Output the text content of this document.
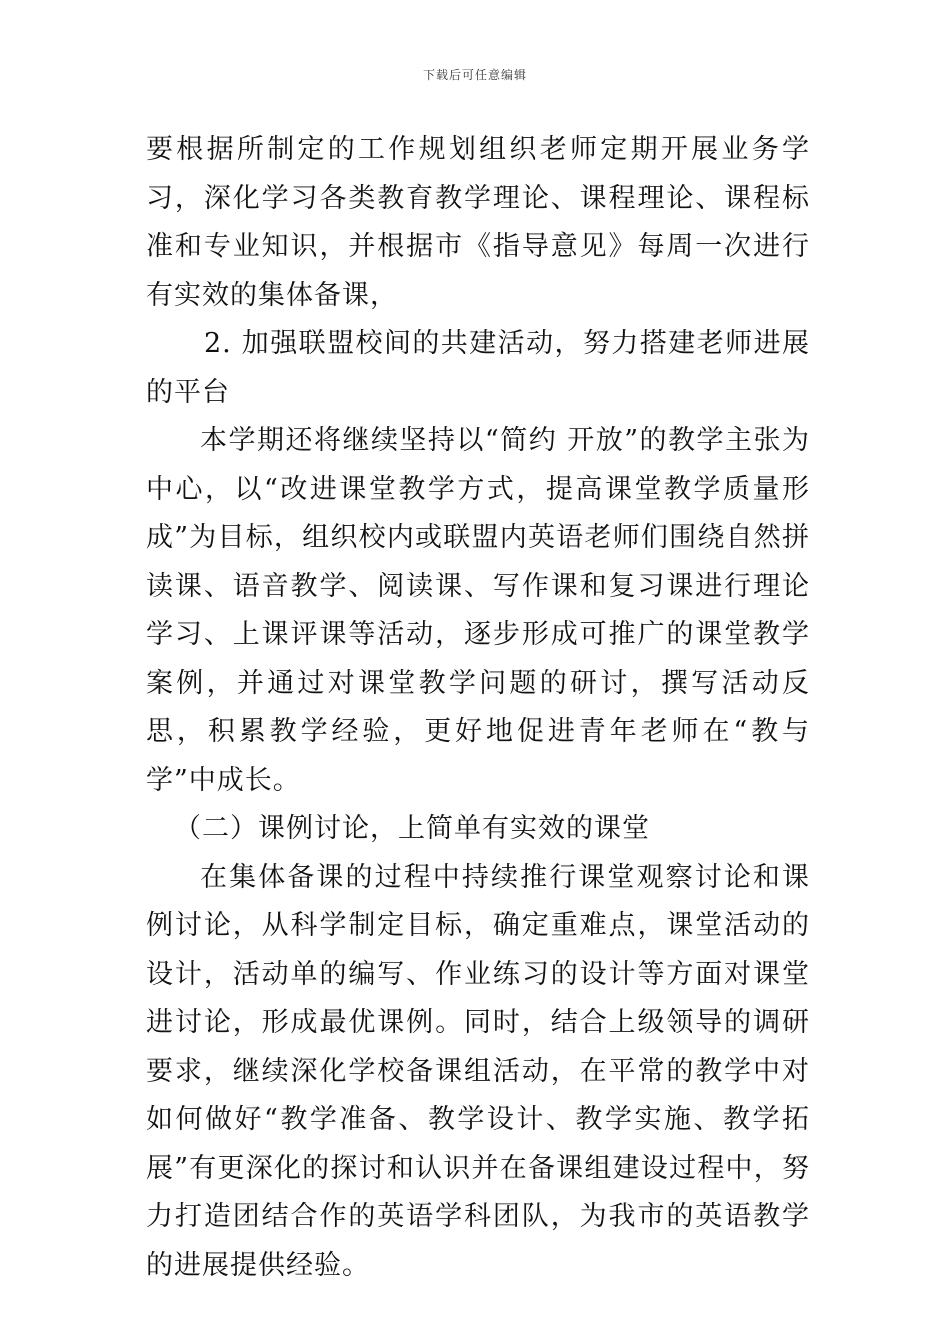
下载后可任意编辑

要根据所制定的工作规划组织老师定期开展业务学习，深化学习各类教育教学理论、课程理论、课程标准和专业知识，并根据市《指导意见》每周一次进行有实效的集体备课，

2. 加强联盟校间的共建活动，努力搭建老师进展的平台

本学期还将继续坚持以“简约 开放”的教学主张为中心，以“改进课堂教学方式，提高课堂教学质量形成”为目标，组织校内或联盟内英语老师们围绕自然拼读课、语音教学、阅读课、写作课和复习课进行理论学习、上课评课等活动，逐步形成可推广的课堂教学案例，并通过对课堂教学问题的研讨，撰写活动反思，积累教学经验，更好地促进青年老师在“教与学”中成长。

（二）课例讨论，上简单有实效的课堂

在集体备课的过程中持续推行课堂观察讨论和课例讨论，从科学制定目标，确定重难点，课堂活动的设计，活动单的编写、作业练习的设计等方面对课堂进讨论，形成最优课例。同时，结合上级领导的调研要求，继续深化学校备课组活动，在平常的教学中对如何做好“教学准备、教学设计、教学实施、教学拓展”有更深化的探讨和认识并在备课组建设过程中，努力打造团结合作的英语学科团队，为我市的英语教学的进展提供经验。
